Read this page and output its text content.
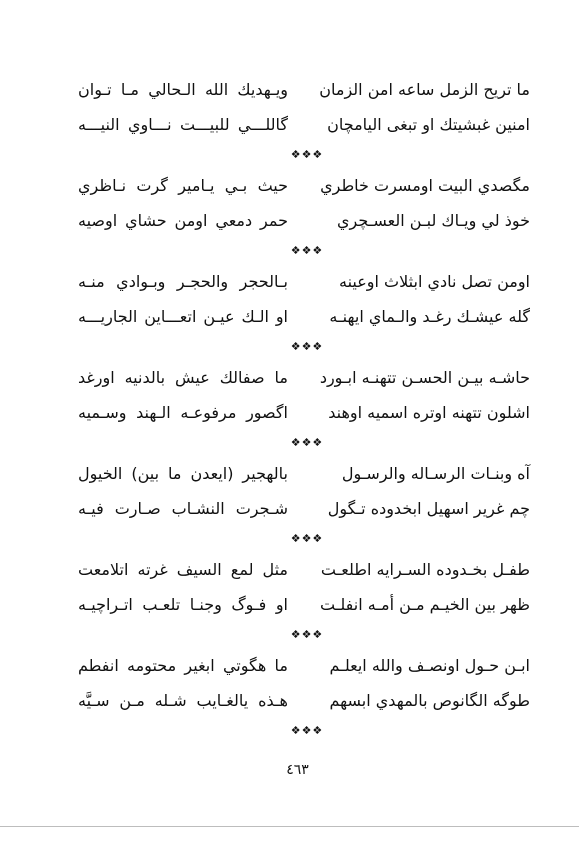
ما تريح الزمل ساعه امن الزمان
ويـهديك الله الـحالي مـا تـوان
امنين غبشيتك او تبغى اليامچان
گاللـــي للبيـــت نـــاوي النيـــه
❖❖❖
مگصدي البيت اومسرت خاطري
حيث بـي يـامير گرت نـاظري
خوذ لي ويـاك لبـن العسـچري
حمر دمعي اومن حشاي اوصيه
❖❖❖
اومن تصل نادي ابثلاث اوعينه
بـالحجر والحجـر وبـوادي منـه
گله عيشـك رغـد والـماي ايهنـه
او الـك عيـن اتعـــاين الجاريـــه
❖❖❖
حاشـه بيـن الحسـن تتهنـه ابـورد
ما صفالك عيش بالدنيه اورغد
اشلون تتهنه اوتره اسميه اوهند
اگصور مرفوعـه الـهند وسـميه
❖❖❖
آه وبنـات الرسـاله والرسـول
بالهجير (ايعدن ما بين) الخيول
چم غرير اسهيل ابخدوده تـگول
شـجرت النشـاب صـارت فيـه
❖❖❖
طفـل بخـدوده السـرايه اطلعـت
مثل لمع السيف غرته اتلامعت
ظهر بين الخيـم مـن أمـه انفلـت
او فـوگ وجنـا تلعـب اتـراچيـه
❖❖❖
ابـن حـول اونصـف والله ايعلـم
ما هگوتي ابغير محتومه انفطم
طوگه الگانوص بالمهدي ابسهم
هـذه يالغـايب شـله مـن سـيَّه
❖❖❖
٤٦٣
